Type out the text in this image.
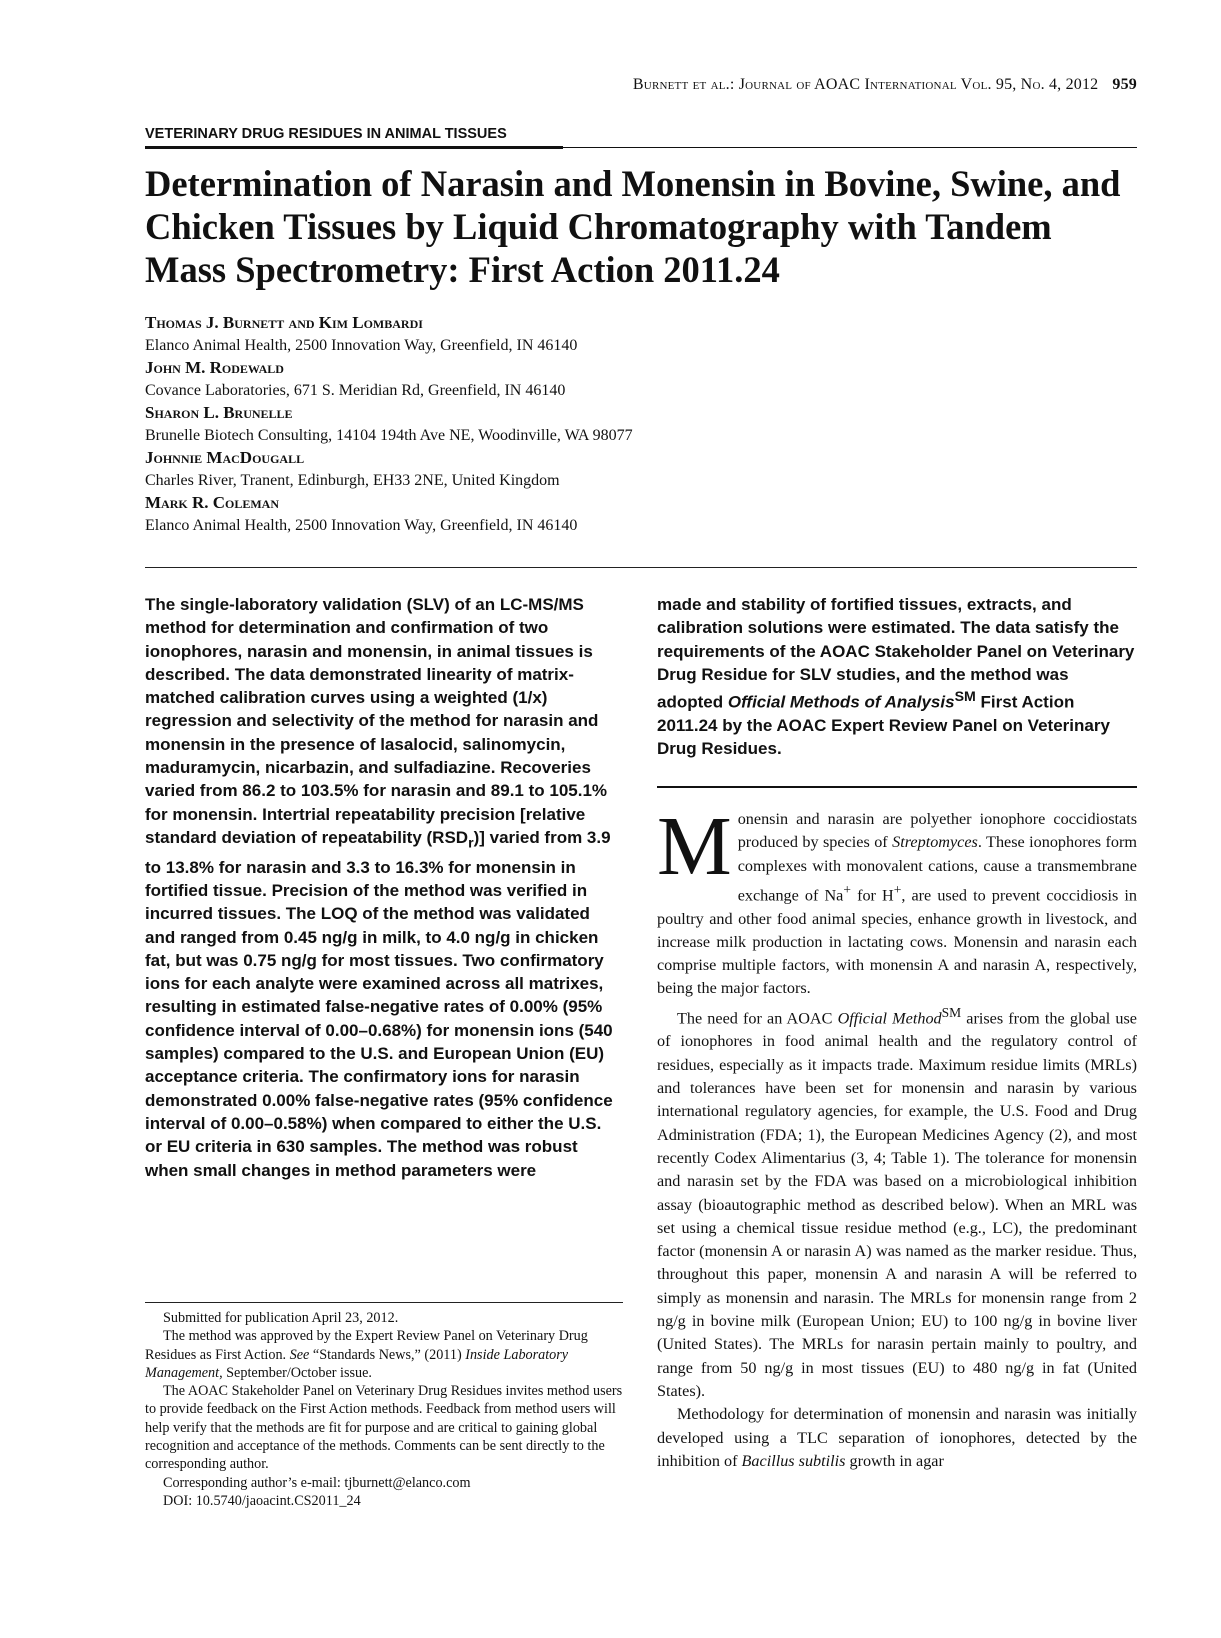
Burnett et al.: Journal of AOAC International Vol. 95, No. 4, 2012 959
VETERINARY DRUG RESIDUES IN ANIMAL TISSUES
Determination of Narasin and Monensin in Bovine, Swine, and
Chicken Tissues by Liquid Chromatography with Tandem
Mass Spectrometry: First Action 2011.24
Thomas J. Burnett and Kim Lombardi
Elanco Animal Health, 2500 Innovation Way, Greenfield, IN 46140
John M. Rodewald
Covance Laboratories, 671 S. Meridian Rd, Greenfield, IN 46140
Sharon L. Brunelle
Brunelle Biotech Consulting, 14104 194th Ave NE, Woodinville, WA 98077
Johnnie MacDougall
Charles River, Tranent, Edinburgh, EH33 2NE, United Kingdom
Mark R. Coleman
Elanco Animal Health, 2500 Innovation Way, Greenfield, IN 46140
The single-laboratory validation (SLV) of an LC-MS/MS method for determination and confirmation of two ionophores, narasin and monensin, in animal tissues is described. The data demonstrated linearity of matrix-matched calibration curves using a weighted (1/x) regression and selectivity of the method for narasin and monensin in the presence of lasalocid, salinomycin, maduramycin, nicarbazin, and sulfadiazine. Recoveries varied from 86.2 to 103.5% for narasin and 89.1 to 105.1% for monensin. Intertrial repeatability precision [relative standard deviation of repeatability $(RSD_r)$] varied from 3.9 to 13.8% for narasin and 3.3 to 16.3% for monensin in fortified tissue. Precision of the method was verified in incurred tissues. The LOQ of the method was validated and ranged from 0.45 ng/g in milk, to 4.0 ng/g in chicken fat, but was 0.75 ng/g for most tissues. Two confirmatory ions for each analyte were examined across all matrixes, resulting in estimated false-negative rates of 0.00% (95% confidence interval of 0.00–0.68%) for monensin ions (540 samples) compared to the U.S. and European Union (EU) acceptance criteria. The confirmatory ions for narasin demonstrated 0.00% false-negative rates (95% confidence interval of 0.00–0.58%) when compared to either the U.S. or EU criteria in 630 samples. The method was robust when small changes in method parameters were
made and stability of fortified tissues, extracts, and calibration solutions were estimated. The data satisfy the requirements of the AOAC Stakeholder Panel on Veterinary Drug Residue for SLV studies, and the method was adopted Official Methods of Analysis℠ First Action 2011.24 by the AOAC Expert Review Panel on Veterinary Drug Residues.

Monensin and narasin are polyether ionophore coccidiostats produced by species of Streptomyces. These ionophores form complexes with monovalent cations, cause a transmembrane exchange of Na+ for H+, are used to prevent coccidiosis in poultry and other food animal species, enhance growth in livestock, and increase milk production in lactating cows. Monensin and narasin each comprise multiple factors, with monensin A and narasin A, respectively, being the major factors.

The need for an AOAC Official Method℠ arises from the global use of ionophores in food animal health and the regulatory control of residues, especially as it impacts trade. Maximum residue limits (MRLs) and tolerances have been set for monensin and narasin by various international regulatory agencies, for example, the U.S. Food and Drug Administration (FDA; 1), the European Medicines Agency (2), and most recently Codex Alimentarius (3, 4; Table 1). The tolerance for monensin and narasin set by the FDA was based on a microbiological inhibition assay (bioautographic method as described below). When an MRL was set using a chemical tissue residue method (e.g., LC), the predominant factor (monensin A or narasin A) was named as the marker residue. Thus, throughout this paper, monensin A and narasin A will be referred to simply as monensin and narasin. The MRLs for monensin range from 2 ng/g in bovine milk (European Union; EU) to 100 ng/g in bovine liver (United States). The MRLs for narasin pertain mainly to poultry, and range from 50 ng/g in most tissues (EU) to 480 ng/g in fat (United States).

Methodology for determination of monensin and narasin was initially developed using a TLC separation of ionophores, detected by the inhibition of Bacillus subtilis growth in agar

Submitted for publication April 23, 2012.

The method was approved by the Expert Review Panel on Veterinary Drug Residues as First Action. See “Standards News,” (2011) Inside Laboratory Management, September/October issue.

The AOAC Stakeholder Panel on Veterinary Drug Residues invites method users to provide feedback on the First Action methods. Feedback from method users will help verify that the methods are fit for purpose and are critical to gaining global recognition and acceptance of the methods. Comments can be sent directly to the corresponding author.

Corresponding author’s e-mail: tjburnett@elanco.com

DOI: 10.5740/jaoacint.CS2011_24
